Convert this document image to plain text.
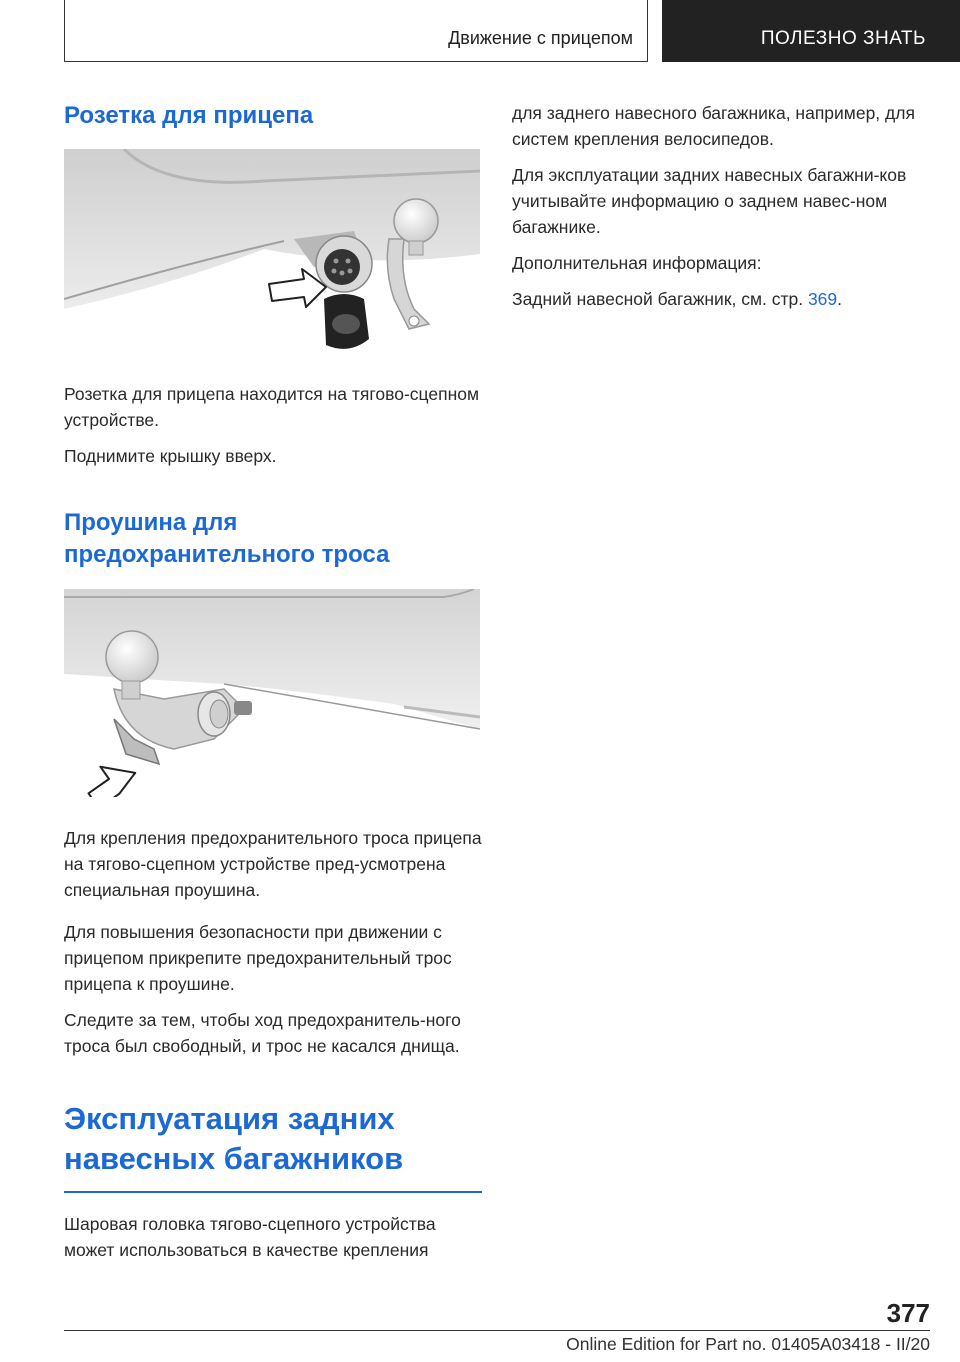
Движение с прицепом	ПОЛЕЗНО ЗНАТЬ
Розетка для прицепа

Розетка для прицепа находится на тягово-сцепном устройстве.

Поднимите крышку вверх.

Проушина для
предохранительного троса

Для крепления предохранительного троса прицепа на тягово-сцепном устройстве пред-усмотрена специальная проушина.

Для повышения безопасности при движении с прицепом прикрепите предохранительный трос прицепа к проушине.

Следите за тем, чтобы ход предохранитель-ного троса был свободный, и трос не касался днища.

Эксплуатация задних
навесных багажников

Шаровая головка тягово-сцепного устройства может использоваться в качестве крепления

для заднего навесного багажника, например, для систем крепления велосипедов.

Для эксплуатации задних навесных багажни-ков учитывайте информацию о заднем навес-ном багажнике.

Дополнительная информация:

Задний навесной багажник, см. стр. 369.

377
Online Edition for Part no. 01405A03418 - II/20
